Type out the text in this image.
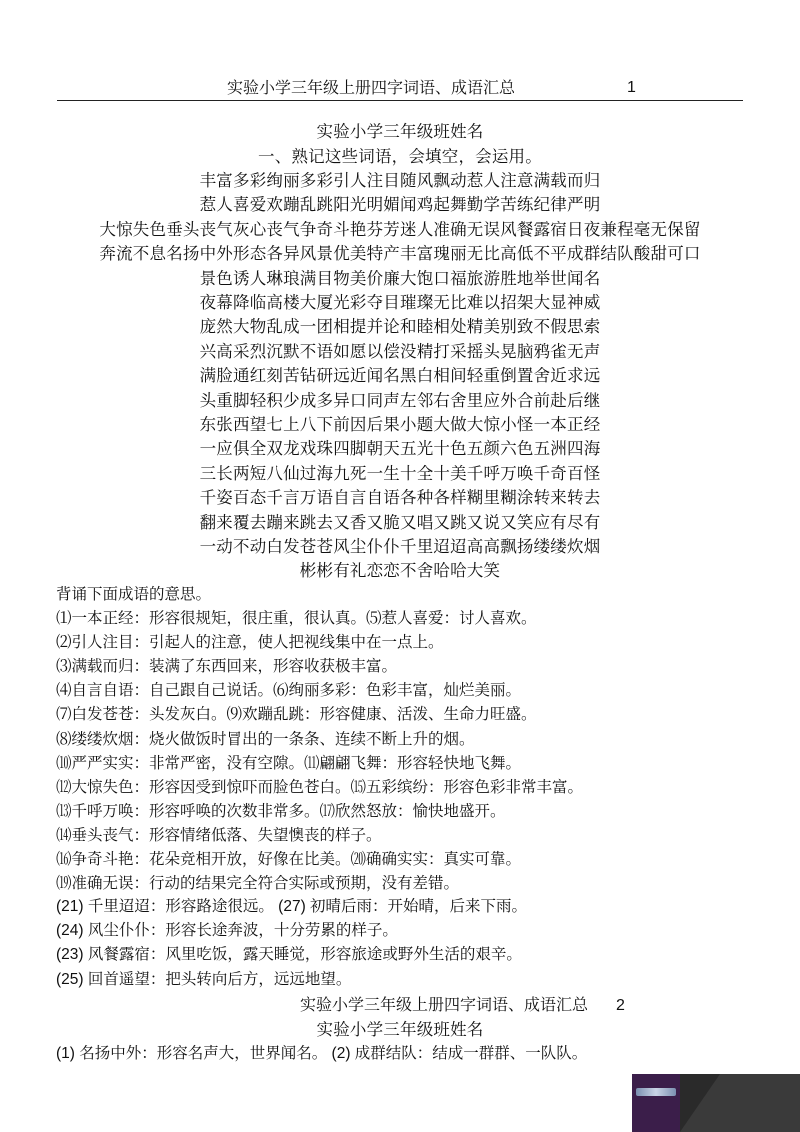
实验小学三年级上册四字词语、成语汇总	1
实验小学三年级班姓名
一、熟记这些词语，会填空，会运用。
丰富多彩绚丽多彩引人注目随风飘动惹人注意满载而归
惹人喜爱欢蹦乱跳阳光明媚闻鸡起舞勤学苦练纪律严明
大惊失色垂头丧气灰心丧气争奇斗艳芬芳迷人准确无误风餐露宿日夜兼程毫无保留
奔流不息名扬中外形态各异风景优美特产丰富瑰丽无比高低不平成群结队酸甜可口
景色诱人琳琅满目物美价廉大饱口福旅游胜地举世闻名
夜幕降临高楼大厦光彩夺目璀璨无比难以招架大显神威
庞然大物乱成一团相提并论和睦相处精美别致不假思索
兴高采烈沉默不语如愿以偿没精打采摇头晃脑鸦雀无声
满脸通红刻苦钻研远近闻名黑白相间轻重倒置舍近求远
头重脚轻积少成多异口同声左邻右舍里应外合前赴后继
东张西望七上八下前因后果小题大做大惊小怪一本正经
一应俱全双龙戏珠四脚朝天五光十色五颜六色五洲四海
三长两短八仙过海九死一生十全十美千呼万唤千奇百怪
千姿百态千言万语自言自语各种各样糊里糊涂转来转去
翻来覆去蹦来跳去又香又脆又唱又跳又说又笑应有尽有
一动不动白发苍苍风尘仆仆千里迢迢高高飘扬缕缕炊烟
彬彬有礼恋恋不舍哈哈大笑
背诵下面成语的意思。
⑴一本正经：形容很规矩，很庄重，很认真。⑸惹人喜爱：讨人喜欢。
⑵引人注目：引起人的注意，使人把视线集中在一点上。
⑶满载而归：装满了东西回来，形容收获极丰富。
⑷自言自语：自己跟自己说话。⑹绚丽多彩：色彩丰富，灿烂美丽。
⑺白发苍苍：头发灰白。⑼欢蹦乱跳：形容健康、活泼、生命力旺盛。
⑻缕缕炊烟：烧火做饭时冒出的一条条、连续不断上升的烟。
⑽严严实实：非常严密，没有空隙。⑾翩翩飞舞：形容轻快地飞舞。
⑿大惊失色：形容因受到惊吓而脸色苍白。⒂五彩缤纷：形容色彩非常丰富。
⒀千呼万唤：形容呼唤的次数非常多。⒄欣然怒放：愉快地盛开。
⒁垂头丧气：形容情绪低落、失望懊丧的样子。
⒃争奇斗艳：花朵竞相开放，好像在比美。⒇确确实实：真实可靠。
⒆准确无误：行动的结果完全符合实际或预期，没有差错。
(21) 千里迢迢：形容路途很远。 (27) 初晴后雨：开始晴，后来下雨。
(24) 风尘仆仆：形容长途奔波，十分劳累的样子。
(23) 风餐露宿：风里吃饭，露天睡觉，形容旅途或野外生活的艰辛。
(25) 回首遥望：把头转向后方，远远地望。
实验小学三年级上册四字词语、成语汇总 2
实验小学三年级班姓名
(1) 名扬中外：形容名声大，世界闻名。 (2) 成群结队：结成一群群、一队队。
